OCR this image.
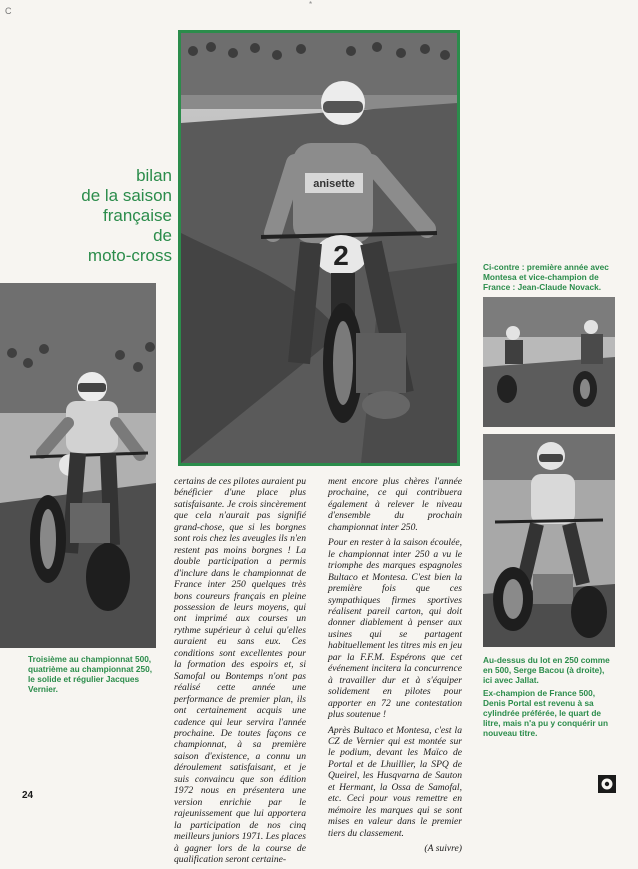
C
*
bilan
de la saison
française
de
moto-cross
anisette
2	Ci-contre : première année avec Montesa et vice-champion de France : Jean-Claude Novack.
Au-dessus du lot en 250 comme en 500, Serge Bacou (à droite), ici avec Jallat.
Ex-champion de France 500, Denis Portal est revenu à sa cylindrée préférée, le quart de litre, mais n'a pu y conquérir un nouveau titre.
Troisième au championnat 500, quatrième au championnat 250, le solide et régulier Jacques Vernier.

certains de ces pilotes auraient pu bénéficier d'une place plus satisfaisante. Je crois sincèrement que cela n'aurait pas signifié grand-chose, que si les borgnes sont rois chez les aveugles ils n'en restent pas moins borgnes ! La double participation a permis d'inclure dans le championnat de France inter 250 quelques très bons coureurs français en pleine possession de leurs moyens, qui ont imprimé aux courses un rythme supérieur à celui qu'elles auraient eu sans eux. Ces conditions sont excellentes pour la formation des espoirs et, si Samofal ou Bontemps n'ont pas réalisé cette année une performance de premier plan, ils ont certainement acquis une cadence qui leur servira l'année prochaine. De toutes façons ce championnat, à sa première saison d'existence, a connu un déroulement satisfaisant, et je suis convaincu que son édition 1972 nous en présentera une version enrichie par le rajeunissement que lui apportera la participation de nos cinq meilleurs juniors 1971. Les places à gagner lors de la course de qualification seront certaine-

ment encore plus chères l'année prochaine, ce qui contribuera également à relever le niveau d'ensemble du prochain championnat inter 250.

Pour en rester à la saison écoulée, le championnat inter 250 a vu le triomphe des marques espagnoles Bultaco et Montesa. C'est bien la première fois que ces sympathiques firmes sportives réalisent pareil carton, qui doit donner diablement à penser aux usines qui se partagent habituellement les titres mis en jeu par la F.F.M. Espérons que cet événement incitera la concurrence à travailler dur et à s'équiper solidement en pilotes pour apporter en 72 une contestation plus soutenue !

Après Bultaco et Montesa, c'est la CZ de Vernier qui est montée sur le podium, devant les Maïco de Portal et de Lhuillier, la SPQ de Queirel, les Husqvarna de Sauton et Hermant, la Ossa de Samofal, etc. Ceci pour vous remettre en mémoire les marques qui se sont mises en valeur dans le premier tiers du classement.

(A suivre)
24
